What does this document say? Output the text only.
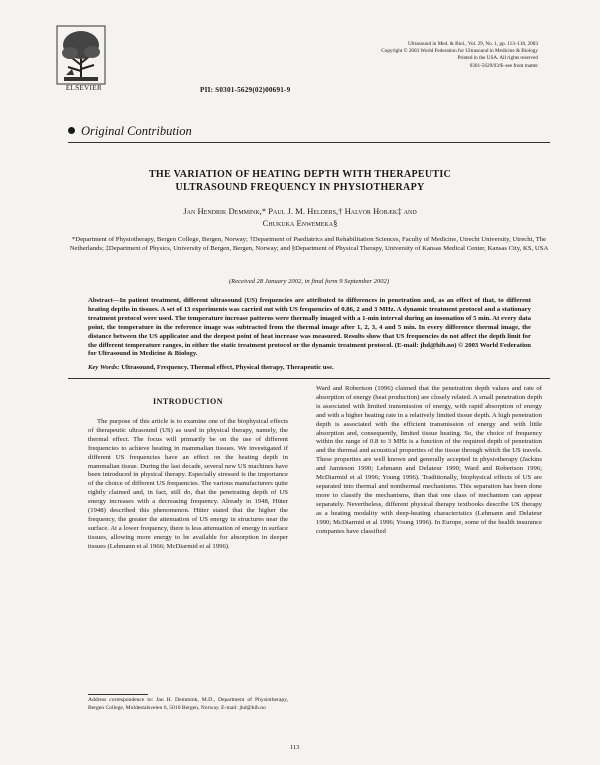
ELSEVIER
Ultrasound in Med. & Biol., Vol. 29, No. 1, pp. 113–118, 2003
Copyright © 2003 World Federation for Ultrasound in Medicine & Biology
Printed in the USA. All rights reserved
0301-5629/03/$–see front matter
PII: S0301-5629(02)00691-9
Original Contribution
THE VARIATION OF HEATING DEPTH WITH THERAPEUTIC
ULTRASOUND FREQUENCY IN PHYSIOTHERAPY
Jan Hendrik Demmink,* Paul J. M. Helders,† Halvor Hobæk‡ and
Chukuka Enwemeka§
*Department of Physiotherapy, Bergen College, Bergen, Norway; †Department of Paediatrics and Rehabilitation Sciences, Faculty of Medicine, Utrecht University, Utrecht, The Netherlands; ‡Department of Physics, University of Bergen, Bergen, Norway; and §Department of Physical Therapy, University of Kansas Medical Center, Kansas City, KS, USA
(Received 28 January 2002, in final form 9 September 2002)
Abstract—In patient treatment, different ultrasound (US) frequencies are attributed to differences in penetration and, as an effect of that, to different heating depths in tissues. A set of 13 experiments was carried out with US frequencies of 0.86, 2 and 3 MHz. A dynamic treatment protocol and a stationary treatment protocol were used. The temperature increase patterns were thermally imaged with a 1-min interval during an insonation of 5 min. At every data point, the temperature in the reference image was subtracted from the thermal image after 1, 2, 3, 4 and 5 min. In every difference thermal image, the distance between the US applicator and the deepest point of heat increase was measured. Results show that US frequencies do not affect the depth limit for the different temperature ranges, in either the static treatment protocol or the dynamic treatment protocol. (E-mail: jhd@hib.no) © 2003 World Federation for Ultrasound in Medicine & Biology.
Key Words: Ultrasound, Frequency, Thermal effect, Physical therapy, Therapeutic use.
INTRODUCTION

The purpose of this article is to examine one of the biophysical effects of therapeutic ultrasound (US) as used in physical therapy, namely, the thermal effect. The focus will primarily be on the use of different frequencies to achieve heating in mammalian tissues. We investigated if different US frequencies have an effect on the heating depth in mammalian tissue. During the last decade, several new US machines have been introduced in physical therapy. Especially stressed is the importance of the choice of different US frequencies. The various manufacturers quite rightly claimed and, in fact, still do, that the penetrating depth of US energy increases with a decreasing frequency. Already in 1948, Hüter (1948) described this phenomenon. Hüter stated that the higher the frequency, the greater the attenuation of US energy in structures near the surface. At a lower frequency, there is less attenuation of energy in surface tissues, allowing more energy to be available for absorption in deeper tissues (Lehmann et al 1966; McDiarmid et al 1996).

Ward and Robertson (1996) claimed that the penetration depth values and rate of absorption of energy (heat production) are closely related. A small penetration depth is associated with limited transmission of energy, with rapid absorption of energy and with a higher heating rate in a relatively limited tissue depth. A high penetration depth is associated with the efficient transmission of energy and with little absorption and, consequently, limited tissue heating. So, the choice of frequency within the range of 0.8 to 3 MHz is a function of the required depth of penetration and the thermal and acoustical properties of the tissue through which the US travels. These properties are well known and generally accepted in physiotherapy (Jackins and Jamieson 1990; Lehmann and Delateur 1990; Ward and Robertson 1996; McDiarmid et al 1996; Young 1996). Traditionally, biophysical effects of US are separated into thermal and nonthermal mechanisms. This separation has been done more to classify the mechanisms, than that one class of mechanism can appear separately. Nevertheless, different physical therapy textbooks describe US therapy as a heating modality with deep-heating characteristics (Lehmann and Delateur 1990; McDiarmid et al 1996; Young 1996). In Europe, some of the health insurance companies have classified

Address correspondence to: Jan H. Demmink, M.D., Department of Physiotherapy, Bergen College, Moldestalsveien 6, 5010 Bergen, Norway. E-mail: jhd@hib.no
113
